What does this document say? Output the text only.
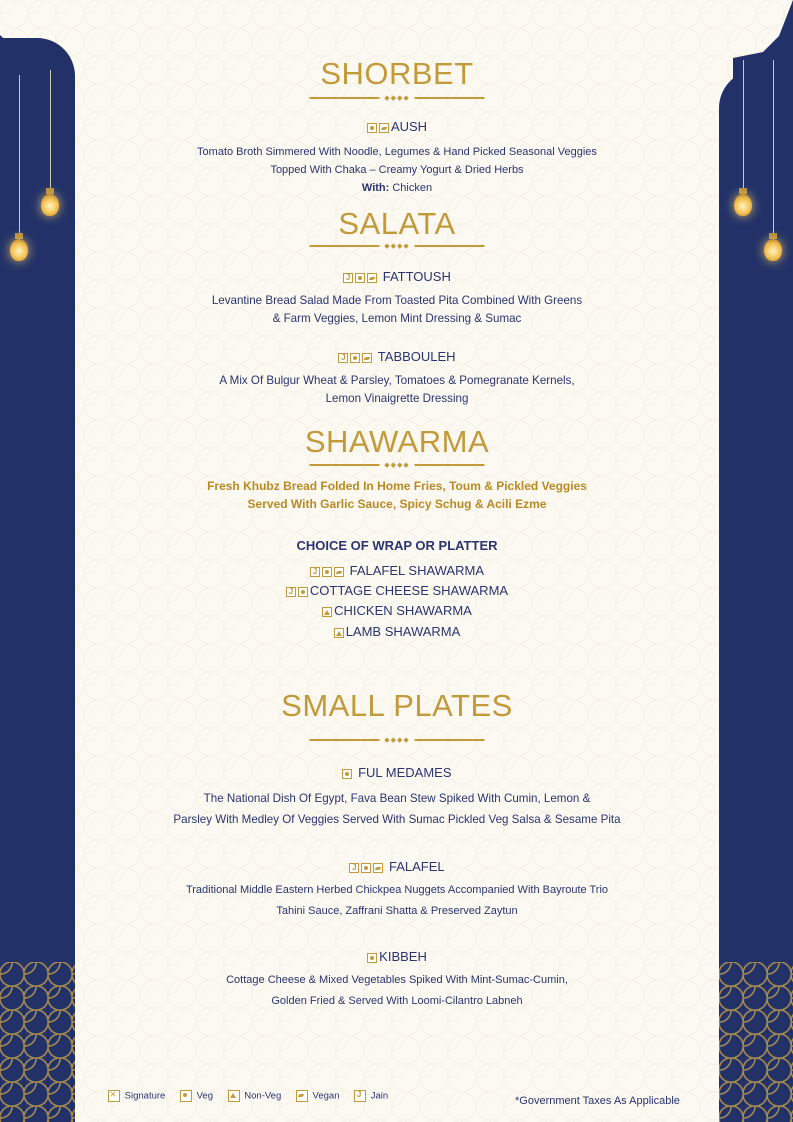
SHORBET
◆◆◆◆
AUSH
Tomato Broth Simmered With Noodle, Legumes & Hand Picked Seasonal Veggies
Topped With Chaka – Creamy Yogurt & Dried Herbs
With: Chicken
SALATA
◆◆◆◆
J FATTOUSH
Levantine Bread Salad Made From Toasted Pita Combined With Greens
& Farm Veggies, Lemon Mint Dressing & Sumac
J TABBOULEH
A Mix Of Bulgur Wheat & Parsley, Tomatoes & Pomegranate Kernels,
Lemon Vinaigrette Dressing
SHAWARMA
◆◆◆◆
Fresh Khubz Bread Folded In Home Fries, Toum & Pickled Veggies
Served With Garlic Sauce, Spicy Schug & Acili Ezme
CHOICE OF WRAP OR PLATTER
J FALAFEL SHAWARMA
JCOTTAGE CHEESE SHAWARMA
CHICKEN SHAWARMA
LAMB SHAWARMA
SMALL PLATES
◆◆◆◆
FUL MEDAMES
The National Dish Of Egypt, Fava Bean Stew Spiked With Cumin, Lemon &
Parsley With Medley Of Veggies Served With Sumac Pickled Veg Salsa & Sesame Pita
J FALAFEL
Traditional Middle Eastern Herbed Chickpea Nuggets Accompanied With Bayroute Trio
Tahini Sauce, Zaffrani Shatta & Preserved Zaytun
KIBBEH
Cottage Cheese & Mixed Vegetables Spiked With Mint-Sumac-Cumin,
Golden Fried & Served With Loomi-Cilantro Labneh
✕ Signature	Veg	Non-Veg	Vegan J	Jain	*Government Taxes As Applicable
